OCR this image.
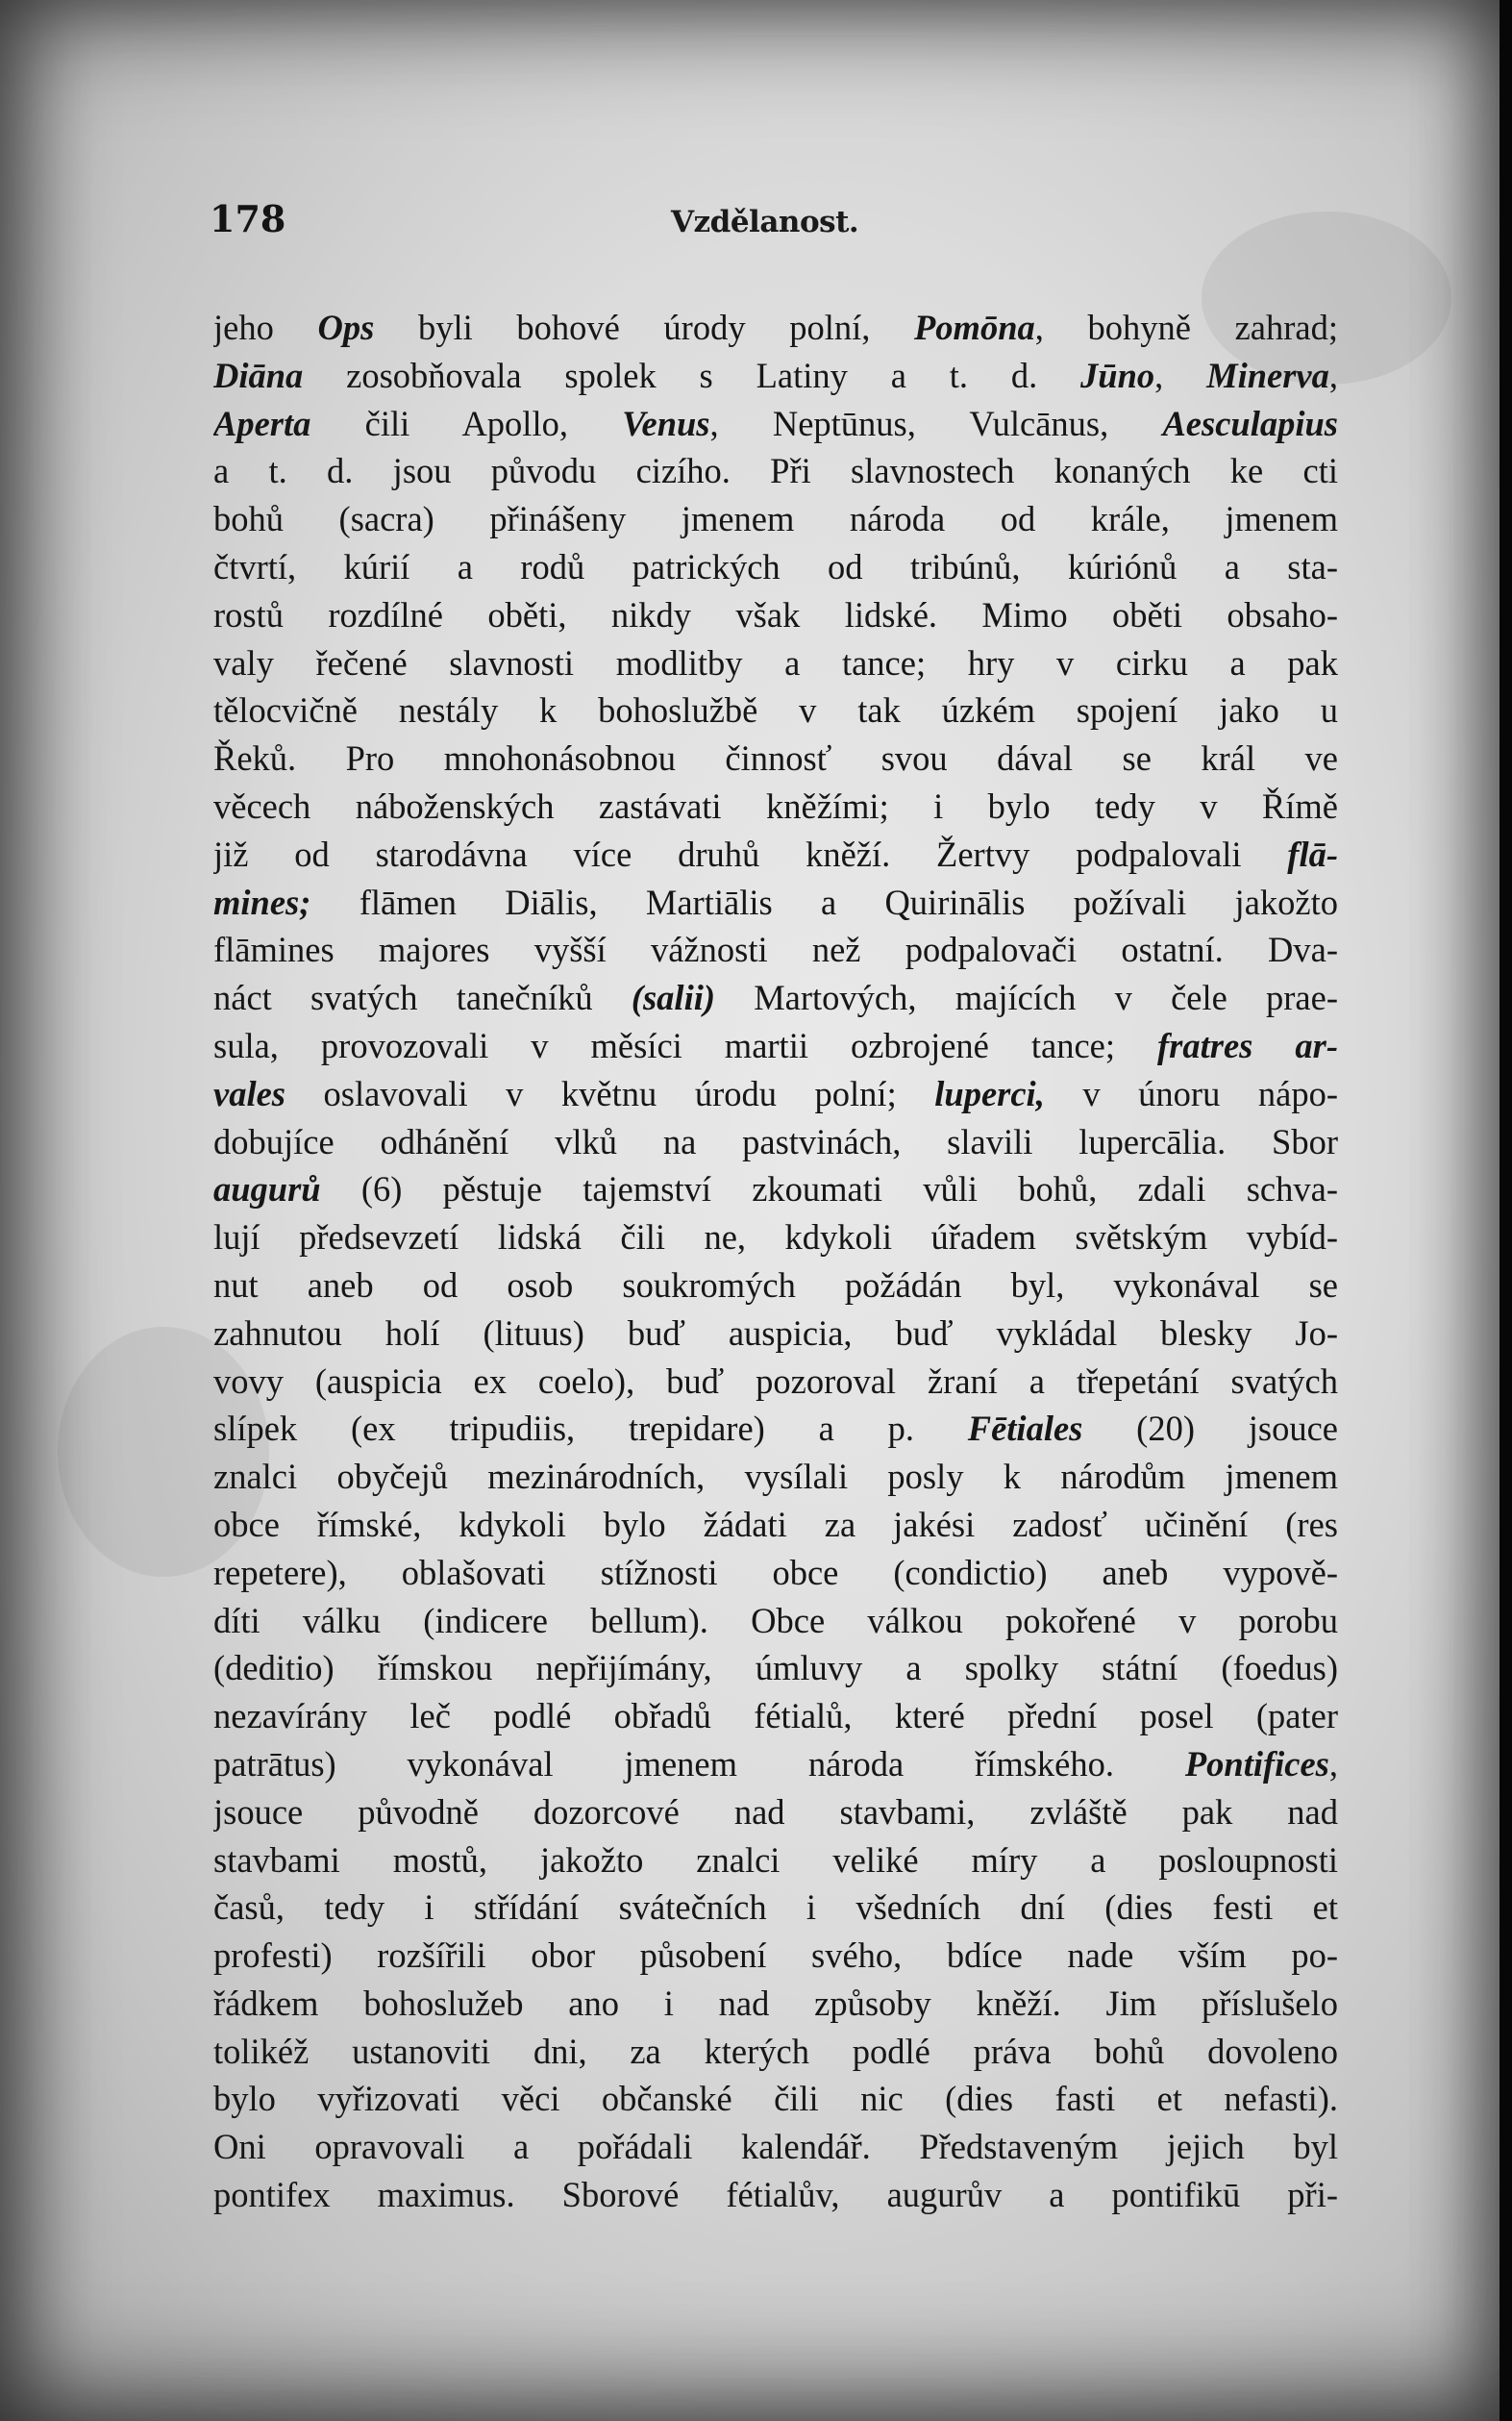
178	Vzdělanost.
jeho Ops byli bohové úrody polní, Pomōna, bohyně zahrad;
Diāna zosobňovala spolek s Latiny a t. d. Jūno, Minerva,
Aperta čili Apollo, Venus, Neptūnus, Vulcānus, Aesculapius
a t. d. jsou původu cizího. Při slavnostech konaných ke cti
bohů (sacra) přinášeny jmenem národa od krále, jmenem
čtvrtí, kúrií a rodů patrických od tribúnů, kúriónů a sta-
rostů rozdílné oběti, nikdy však lidské. Mimo oběti obsaho-
valy řečené slavnosti modlitby a tance; hry v cirku a pak
tělocvičně nestály k bohoslužbě v tak úzkém spojení jako u
Řeků. Pro mnohonásobnou činnosť svou dával se král ve
věcech náboženských zastávati kněžími; i bylo tedy v Římě
již od starodávna více druhů kněží. Žertvy podpalovali flā-
mines; flāmen Diālis, Martiālis a Quirinālis požívali jakožto
flāmines majores vyšší vážnosti než podpalovači ostatní. Dva-
náct svatých tanečníků (salii) Martových, majících v čele prae-
sula, provozovali v měsíci martii ozbrojené tance; fratres ar-
vales oslavovali v květnu úrodu polní; luperci, v únoru nápo-
dobujíce odhánění vlků na pastvinách, slavili lupercālia. Sbor
augurů (6) pěstuje tajemství zkoumati vůli bohů, zdali schva-
lují předsevzetí lidská čili ne, kdykoli úřadem světským vybíd-
nut aneb od osob soukromých požádán byl, vykonával se
zahnutou holí (lituus) buď auspicia, buď vykládal blesky Jo-
vovy (auspicia ex coelo), buď pozoroval žraní a třepetání svatých
slípek (ex tripudiis, trepidare) a p. Fētiales (20) jsouce
znalci obyčejů mezinárodních, vysílali posly k národům jmenem
obce římské, kdykoli bylo žádati za jakési zadosť učinění (res
repetere), oblašovati stížnosti obce (condictio) aneb vypově-
díti válku (indicere bellum). Obce válkou pokořené v porobu
(deditio) římskou nepřijímány, úmluvy a spolky státní (foedus)
nezavírány leč podlé obřadů fétialů, které přední posel (pater
patrātus) vykonával jmenem národa římského. Pontifices,
jsouce původně dozorcové nad stavbami, zvláště pak nad
stavbami mostů, jakožto znalci veliké míry a posloupnosti
časů, tedy i střídání svátečních i všedních dní (dies festi et
profesti) rozšířili obor působení svého, bdíce nade vším po-
řádkem bohoslužeb ano i nad způsoby kněží. Jim příslušelo
tolikéž ustanoviti dni, za kterých podlé práva bohů dovoleno
bylo vyřizovati věci občanské čili nic (dies fasti et nefasti).
Oni opravovali a pořádali kalendář. Představeným jejich byl
pontifex maximus. Sborové fétialův, augurův a pontifikū při-
